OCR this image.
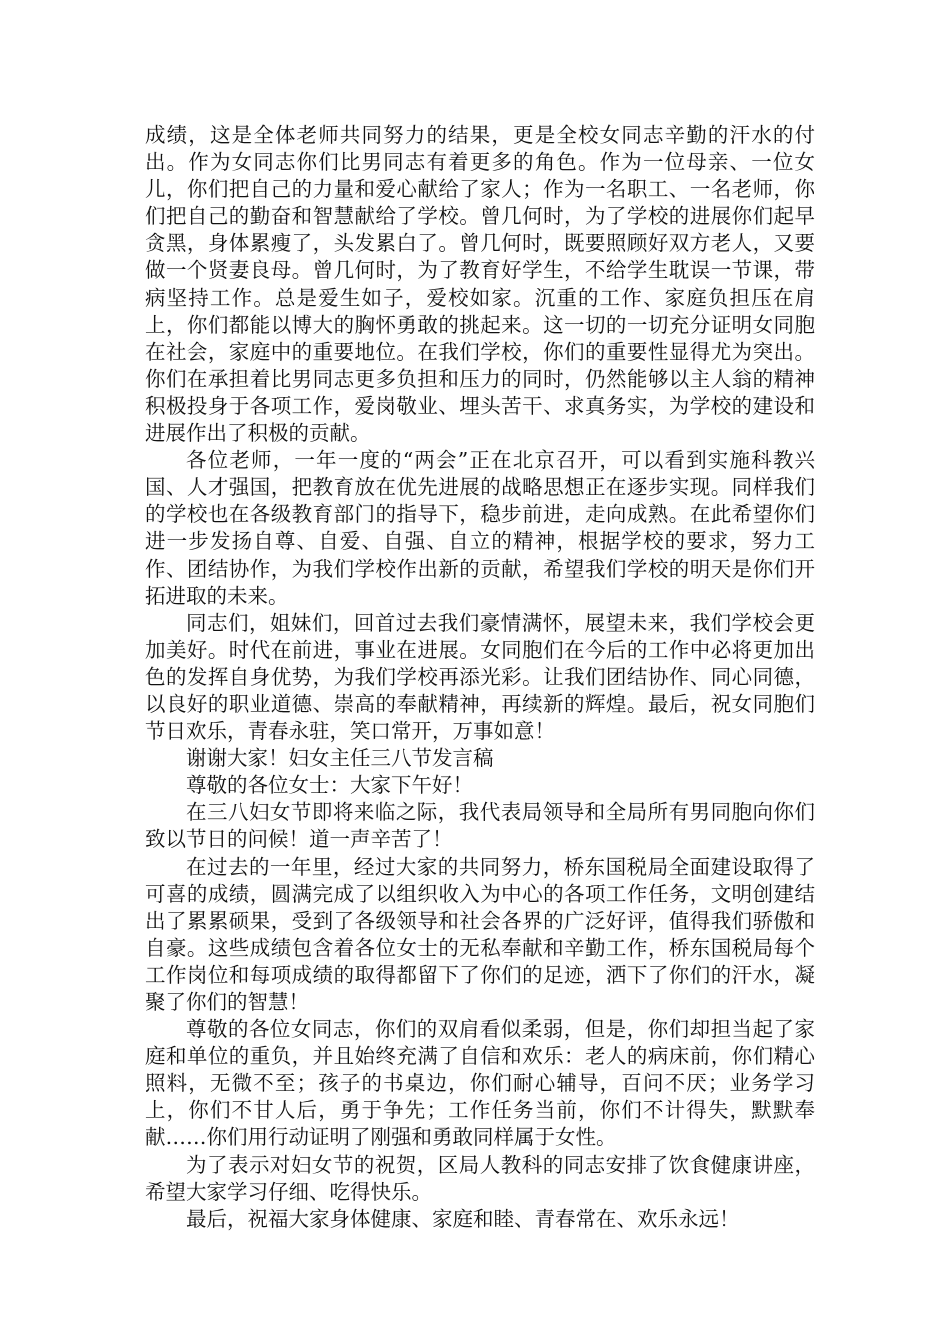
成绩，这是全体老师共同努力的结果，更是全校女同志辛勤的汗水的付出。作为女同志你们比男同志有着更多的角色。作为一位母亲、一位女儿，你们把自己的力量和爱心献给了家人；作为一名职工、一名老师，你们把自己的勤奋和智慧献给了学校。曾几何时，为了学校的进展你们起早贪黑，身体累瘦了，头发累白了。曾几何时，既要照顾好双方老人，又要做一个贤妻良母。曾几何时，为了教育好学生，不给学生耽误一节课，带病坚持工作。总是爱生如子，爱校如家。沉重的工作、家庭负担压在肩上，你们都能以博大的胸怀勇敢的挑起来。这一切的一切充分证明女同胞在社会，家庭中的重要地位。在我们学校，你们的重要性显得尤为突出。你们在承担着比男同志更多负担和压力的同时，仍然能够以主人翁的精神积极投身于各项工作，爱岗敬业、埋头苦干、求真务实，为学校的建设和进展作出了积极的贡献。

各位老师，一年一度的“两会”正在北京召开，可以看到实施科教兴国、人才强国，把教育放在优先进展的战略思想正在逐步实现。同样我们的学校也在各级教育部门的指导下，稳步前进，走向成熟。在此希望你们进一步发扬自尊、自爱、自强、自立的精神，根据学校的要求，努力工作、团结协作，为我们学校作出新的贡献，希望我们学校的明天是你们开拓进取的未来。

同志们，姐妹们，回首过去我们豪情满怀，展望未来，我们学校会更加美好。时代在前进，事业在进展。女同胞们在今后的工作中必将更加出色的发挥自身优势，为我们学校再添光彩。让我们团结协作、同心同德，以良好的职业道德、崇高的奉献精神，再续新的辉煌。最后，祝女同胞们节日欢乐，青春永驻，笑口常开，万事如意！

谢谢大家！妇女主任三八节发言稿

尊敬的各位女士：大家下午好！

在三八妇女节即将来临之际，我代表局领导和全局所有男同胞向你们致以节日的问候！道一声辛苦了！

在过去的一年里，经过大家的共同努力，桥东国税局全面建设取得了可喜的成绩，圆满完成了以组织收入为中心的各项工作任务，文明创建结出了累累硕果，受到了各级领导和社会各界的广泛好评，值得我们骄傲和自豪。这些成绩包含着各位女士的无私奉献和辛勤工作，桥东国税局每个工作岗位和每项成绩的取得都留下了你们的足迹，洒下了你们的汗水，凝聚了你们的智慧！

尊敬的各位女同志，你们的双肩看似柔弱，但是，你们却担当起了家庭和单位的重负，并且始终充满了自信和欢乐：老人的病床前，你们精心照料，无微不至；孩子的书桌边，你们耐心辅导，百问不厌；业务学习上，你们不甘人后，勇于争先；工作任务当前，你们不计得失，默默奉献……你们用行动证明了刚强和勇敢同样属于女性。

为了表示对妇女节的祝贺，区局人教科的同志安排了饮食健康讲座，希望大家学习仔细、吃得快乐。

最后，祝福大家身体健康、家庭和睦、青春常在、欢乐永远！
